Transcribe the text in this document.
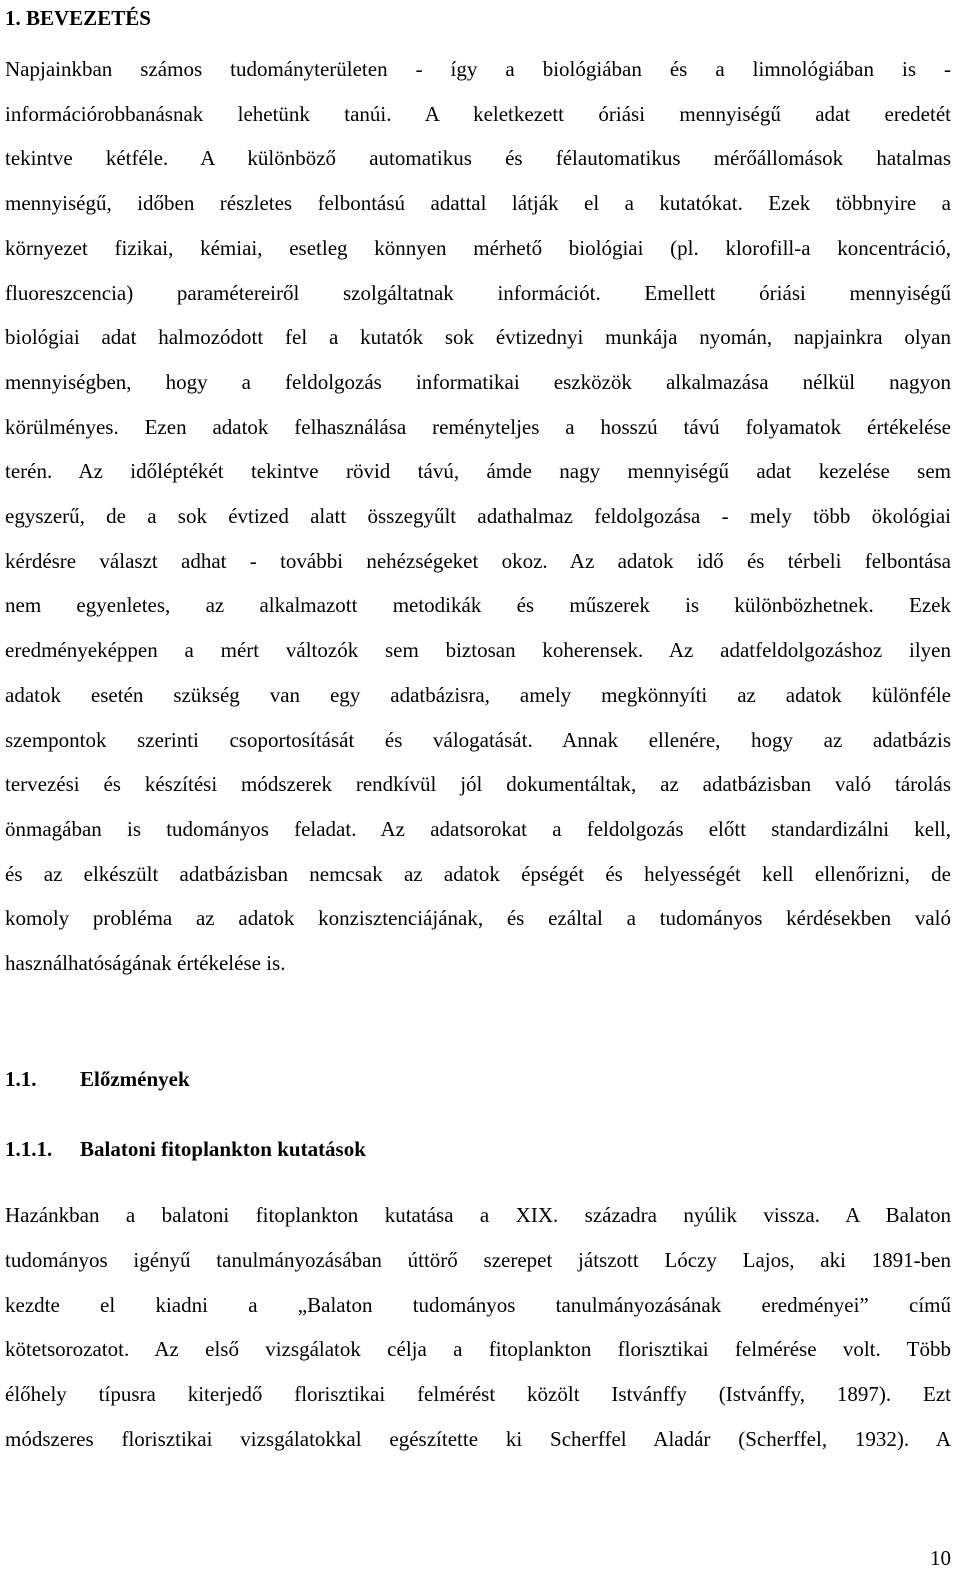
1. BEVEZETÉS
Napjainkban számos tudományterületen - így a biológiában és a limnológiában is -
információrobbanásnak lehetünk tanúi. A keletkezett óriási mennyiségű adat eredetét
tekintve kétféle. A különböző automatikus és félautomatikus mérőállomások hatalmas
mennyiségű, időben részletes felbontású adattal látják el a kutatókat. Ezek többnyire a
környezet fizikai, kémiai, esetleg könnyen mérhető biológiai (pl. klorofill-a koncentráció,
fluoreszcencia) paramétereiről szolgáltatnak információt. Emellett óriási mennyiségű
biológiai adat halmozódott fel a kutatók sok évtizednyi munkája nyomán, napjainkra olyan
mennyiségben, hogy a feldolgozás informatikai eszközök alkalmazása nélkül nagyon
körülményes. Ezen adatok felhasználása reményteljes a hosszú távú folyamatok értékelése
terén. Az időléptékét tekintve rövid távú, ámde nagy mennyiségű adat kezelése sem
egyszerű, de a sok évtized alatt összegyűlt adathalmaz feldolgozása - mely több ökológiai
kérdésre választ adhat - további nehézségeket okoz. Az adatok idő és térbeli felbontása
nem egyenletes, az alkalmazott metodikák és műszerek is különbözhetnek. Ezek
eredményeképpen a mért változók sem biztosan koherensek. Az adatfeldolgozáshoz ilyen
adatok esetén szükség van egy adatbázisra, amely megkönnyíti az adatok különféle
szempontok szerinti csoportosítását és válogatását. Annak ellenére, hogy az adatbázis
tervezési és készítési módszerek rendkívül jól dokumentáltak, az adatbázisban való tárolás
önmagában is tudományos feladat. Az adatsorokat a feldolgozás előtt standardizálni kell,
és az elkészült adatbázisban nemcsak az adatok épségét és helyességét kell ellenőrizni, de
komoly probléma az adatok konzisztenciájának, és ezáltal a tudományos kérdésekben való
használhatóságának értékelése is.
1.1. Előzmények
1.1.1. Balatoni fitoplankton kutatások
Hazánkban a balatoni fitoplankton kutatása a XIX. századra nyúlik vissza. A Balaton
tudományos igényű tanulmányozásában úttörő szerepet játszott Lóczy Lajos, aki 1891-ben
kezdte el kiadni a „Balaton tudományos tanulmányozásának eredményei” című
kötetsorozatot. Az első vizsgálatok célja a fitoplankton florisztikai felmérése volt. Több
élőhely típusra kiterjedő florisztikai felmérést közölt Istvánffy (Istvánffy, 1897). Ezt
módszeres florisztikai vizsgálatokkal egészítette ki Scherffel Aladár (Scherffel, 1932). A
10
